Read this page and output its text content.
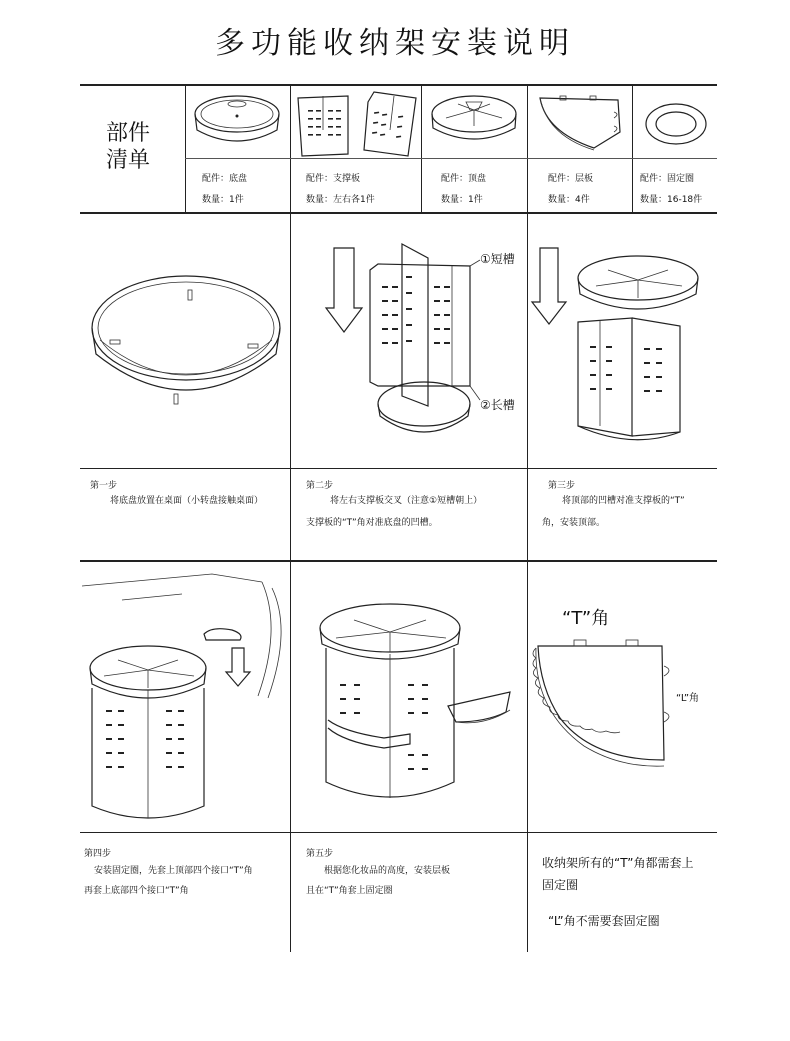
多功能收纳架安装说明
部件
清单
配件：底盘
数量：1件
配件：支撑板
数量：左右各1件
配件：顶盘
数量：1件
配件：层板
数量：4件
配件：固定圈
数量：16-18件
①短槽
②长槽
第一步
将底盘放置在桌面（小转盘接触桌面）
第二步
将左右支撑板交叉（注意①短槽朝上）
支撑板的“T”角对准底盘的凹槽。
第三步
将顶部的凹槽对准支撑板的“T”
角，安装顶部。
“T”角
“L”角
第四步
安装固定圈，先套上顶部四个接口“T”角
再套上底部四个接口“T”角
第五步
根据您化妆品的高度，安装层板
且在“T”角套上固定圈
收纳架所有的“T”角都需套上
固定圈
“L”角不需要套固定圈
